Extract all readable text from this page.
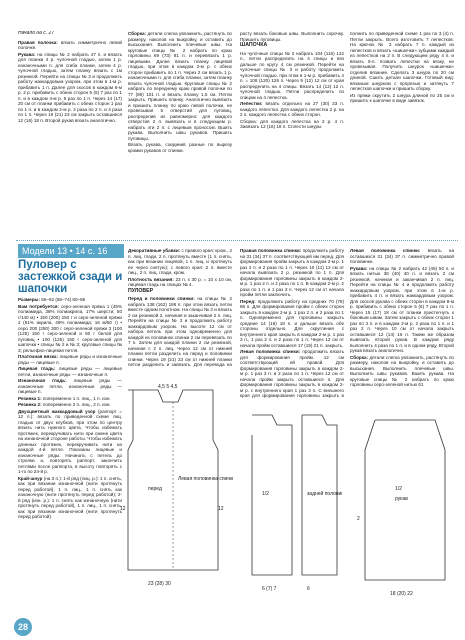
Начало на с. 27

Правая полочка: вязать симметрично левой полочке.

Рукава: на спицы № 2 набрать 47 п. и вязать для планки 4 р. чулочной гладью, затем 1 р. изнаночными п. для сгиба планки, затем 4 р. чулочной гладью, затем планку вязать с 1м резинкой. Перейти на спицы № 3 и продолжить работу жаккардовым узором, при этом в 1-м р. прибавить 1 п. Далее для скосов в каждом 6-м р. 2 р. прибавить с обеих сторон 5 (6) 7 раз по 1 п. и в каждом 4-м р. 5 раз по 1 п. Через 14 (17) 20 см от планки прибавить с обеих сторон 1 раз по 1 п. и в каждом 2-м р. 2 раза по 2 п. и 4 раза по 1 п. Через 19 (21) 23 см закрыть оставшиеся 12 (16) 18 п. Второй рукав вязать аналогично.

Сборка: детали слегка увлажнить, растянуть по размеру, наколов на выкройку, и оставить до высыхания. Выполнить плечевые швы. На круговые спицы № 2 набрать по краю горловины 69 (73) 81 п. и перевязать 1 р. лицевыми. Далее вязать планку лицевой гладью, при этом в каждом 2-м р. с обеих сторон прибавить по 1 п. Через 2 см вязать 1 р. изнаночными п. для сгиба планки, затем планку вязать чулочной гладью. Круговые спицы № 2 набрать по переднему краю правой полочки по 77 (89) 101 п. и вязать планку 1,5 см. Петли закрыть. Пришить планку. Аналогично вывязать и пришить планку по краю левой полочки, не провязывая 5 отверстий для пуговиц, распределив их равномерно: для каждого отверстия 2 п. вывязать и в следующем р. набрать эти 2 п. с лицевым проносом. Вшить рукава. Выполнить швы рукавов. Пришить пуговицы.

Вязать рукава, соединив разные по вырезу кромки рукавов от спинки.

расту вязать боковые швы. Выполнить сорочку. Пришить пуговицы.

ШАПОЧКА

На чулочные спицы № 2 набрать 104 (116) 122 п., петли распределить на 4 спицы и вяз дальше по кругу 4 см резинкой. Перейти на чулочные спицы № 3 и работу продолжить чулочной гладью, при этом в 1-м р. прибавить 4 п. = 108 (120) 126 п. Через 9 (12) 12 см от края распределить на 4 спицы. Вязать 14 (12) 12 п. чулочной гладью. Петли распределить по спицам на 4 лепестка.

Лепестки: вязать отдельно на 27 (30) 33 п. каждого лепестка. Для каждого лепестка 2 р. на 2 п. каждого лепестка с обеих сторон.

Сборка: для каждого лепестка на 2 р. 4 п. Завязать 12 (16) 18 п. Сплести шнуры

полнить по приведенной схеме 1 раз по 3 (4) п. Петли закрыть. Всего изготовить 7 лепестков. На крючок № 3 набрать 7 п. каждый из лепестков и вязать «шишечки» зубцами каждый из лепестков на 2 п. В следующем ряду 4 п. и вязать 5-п. позвать лепестки на вязку, не провязывая. Получить шнурок «шишечки» отделив вязание. Сделать 3 шнура по 20 см длиной. Сшить детали шапочки. Готовый вид: вязаным шнурком с прорезью и затянуть 7 лепестков шапочки и пришить сборку.

Из пряжи скрутить 2 шнура длиной по 25 см и пришить к шапочке в виде завязок.

Модели 13 • 14 с. 16
Пуловер с застежкой сзади и шапочки

Размеры: 56–62 (68–74) 80–86

Вам потребуется: серо-зеленая пряжа 1 (45% полиамида, 38% полиакрила, 17% шерсти; 50 г/140 м) • 150 (200) 250 г и серо-зеленой пряжи 2 (51% акрила, 49% полиамида; 16 м/50 г) • серо 200 (250) 300 г серо-зеленой пряжи 3 (100 (125) 150 г серо-зеленой и 50 г белой для пуговиц • 100 (125) 150 г серо-зеленой для шапочки • спицы № 2 и № 3; круговые спицы № 3; рельефно-лицевая петля.

Платочная вязка: лицевые ряды и изнаночные ряды — лицевые п.

Лицевая гладь: лицевые ряды — лицевые петли, изнаночные ряды — изнаночные п.

Изнаночная гладь: лицевые ряды — изнаночные петли, изнаночные ряды — лицевые п.

Резинка 1: попеременно 1 п. лиц., 1 п. изн.

Резинка 2: попеременно 2 п. лиц., 2 п. изн.

Двухцветный жаккардовый узор (раппорт = 12 п.): вязать по приведенной схеме лиц. гладью от двух клубков, при этом по центру вязать нить нужного цвета. Чтобы избежать протяжек, перекручивать нити при смене цвета на изнаночной стороне работы. Чтобы избежать длинных протяжек, перекручивать нити на каждой 4-й петле. Показаны лицевые и изнаночные ряды. Начинать с петель до стрелки a, повторять раппорт, закончить петлями после раппорта, в высоту повторять с 1-го по 24-й р.

Край-шнур (на 3 п.): 1-й ряд (лиц. р.): 1 п. снять, как при вязании изнаночной (нити протянуть перед работой), 1 п. лиц., 1 п. снять как изнаночную (нити протянуть перед работой); 2-й ряд (изн. р.): 1 п. снять как изнаночную (нити протянуть перед работой), 1 п. лиц., 1 п. снять, как при вязании изнаночной (нити протянуть перед работой).

Декоративные убавки: с правого края: кром., 2 п. лиц. глади, 2 п. протянуть вместе (1 п. снять, как при вязании лицевой, 1 п. лиц. и протянуть ее через снятую); с левого края: 2 п. вместе лиц., 2 п. лиц. глади, кром.

Плотность вязания: 23 п. х 30 р. = 10 х 10 см, лицевая гладь на спицах № 4.

ПУЛОВЕР

Перед и половинки спинки: на спицы № 2 набрать 138 (162) 186 п. при этом вязать петли вместе одним полотном. На спицы № 3 и вязать 2 см резинкой 2, начиная и заканчивая 2 п. лиц. Перейти на спицы № 3 и продолжить работу жаккардовым узором. На высоте 12 см от набора петель при этом одновременно для каждой из половинок спинки 2 см перевязать по 7 п. Затем для каждой планки 2 см резинкой, начиная с 2 п. лиц. Через 12 см от нижней планки петли разделить на перед и половинки спинки. Через 19 (21) 23 см от нижней планки петли разделить и завязать. Для перевода на

Правая половинка спинки: продолжить работу на 31 (34) 37 п. соответствующей им перед. Для формирования пройм закрыть в каждом 2-м р. 1 раз 2 п. и 2 раза по 1 п. Через 10 (11) 12 см от начала вывязать 2 р. резинкой по 1 п. Для формирования горловины закрыть в каждом 2-м р. 1 раз 2 п. и 2 раза по 1 п. В каждом 2-м р. 2 раза по 1 п. и 1 раз 3 п. Через 12 см от начала пройм петли заключить.

Перед: продолжить работу на средних 70 (78) 86 п. Для формирования пройм с обеих сторон закрыть в каждом 2-м р. 1 раз 2 п. и 2 раза по 1 п. Одновременно для горловины закрыть средние 14 (16) 18 п. и дальше вязать обе стороны отдельно. Для скругления с внутреннего края закрыть в каждом 2-м р. 1 раз 3 п., 1 раз 2 п. и 2 раза по 1 п. Через 12 см от начала пройм оставшиеся 17 (19) 21 п. закрыть.

Левая половинка спинки: продолжить вязать для формирования пройм. 12 см соответствующий ей правой. Для формирования горловины закрыть в каждом 2-м р. 1 раз 3 п. и 2 раза по 1 п. Через 12 см от начала пройм закрыть оставшиеся п. Для формирования горловины закрыть в каждом 2-м р. с внутреннего края 1 раз 3 п. С внешнего края для формирования горловины закрыть в

Левая половинка спинки: вязать на оставшихся 31 (34) 37 п. симметрично правой половинке.

Рукава: на спицы № 2 набрать 42 (46) 50 п. и вязать нитью 36 (40) 40 п. и вязать 2 см резинкой, начиная и заканчивая 2 п. лиц. Перейти на спицы № 4 и продолжить работу жаккардовым узором, при этом в 1-м р. прибавить 4 п. и вязать жаккардовым узором. Для скосов рукава с обеих сторон в каждом 8-м р. прибавить с обеих сторон 5 (6) 7 раз по 1 п. Через 15 (17) 18 см от планки пристегнуть к боковым швам. Затем закрыть с обеих сторон 1 раз по 3 п. и в каждом 2-м р. 2 раза по 1 п. и 1 раз 2 п. Через 10 см от начала закрыть оставшиеся 12 (14) 16 п. Таким же образом вывязать второй рукав. В каждом ряду выполнить 4 раза по 1 п. и в одном ряду. Второй рукав вязать аналогично.

Сборка: детали слегка увлажнить, растянуть по размеру, наколов на выкройку, и оставить до высыхания. Выполнить плечевые швы. Выполнить швы рукавов. Вшить рукава. На круговые спицы № 2 набрать по краю горловины серо-зеленой нитью 61

перед
Левая половинка спинки
23 (28) 30
12	12
4,5 5 4,5
1/2	задней полови
6 (7) 7	6
1/2
рукав
18 (20) 22
2
28
